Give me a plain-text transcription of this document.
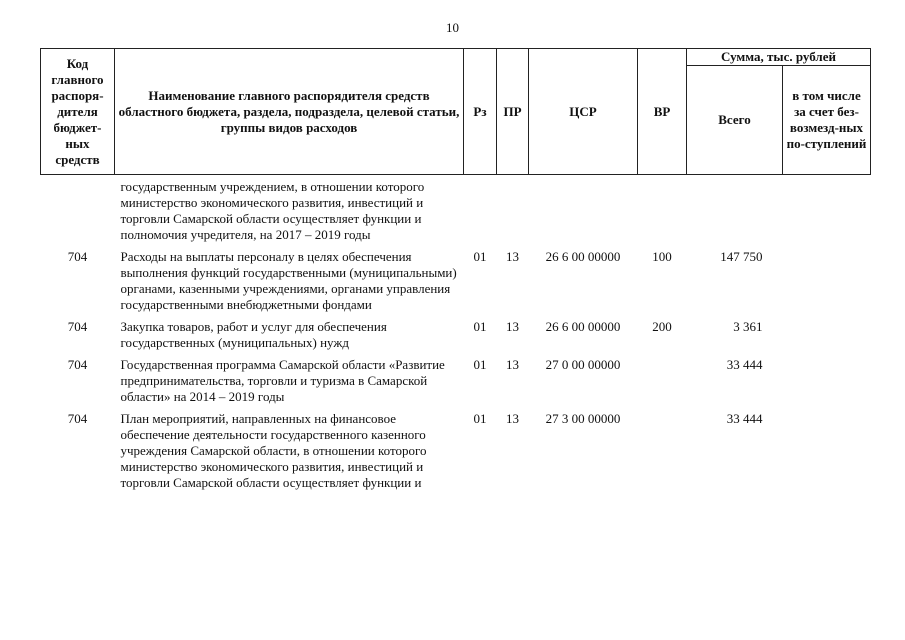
10
Код главного распоря-дителя бюджет-ных средств	Наименование главного распорядителя средств областного бюджета, раздела, подраздела, целевой статьи, группы видов расходов	Рз	ПР	ЦСР	ВР	Сумма, тыс. рублей	
						Всего	в том числе за счет без-возмезд-ных по-ступлений
	государственным учреждением, в отношении которого министерство экономического развития, инвестиций и торговли Самарской области осуществляет функции и полномочия учредителя, на 2017 – 2019 годы						
704	Расходы на выплаты персоналу в целях обеспечения выполнения функций государственными (муниципальными) органами, казенными учреждениями, органами управления государственными внебюджетными фондами	01	13	26 6 00 00000	100	147 750	
704	Закупка товаров, работ и услуг для обеспечения государственных (муниципальных) нужд	01	13	26 6 00 00000	200	3 361	
704	Государственная программа Самарской области «Развитие предпринимательства, торговли и туризма в Самарской области» на 2014 – 2019 годы	01	13	27 0 00 00000		33 444	
704	План мероприятий, направленных на финансовое обеспечение деятельности государственного казенного учреждения Самарской области, в отношении которого министерство экономического развития, инвестиций и торговли Самарской области осуществляет функции и	01	13	27 3 00 00000		33 444	
